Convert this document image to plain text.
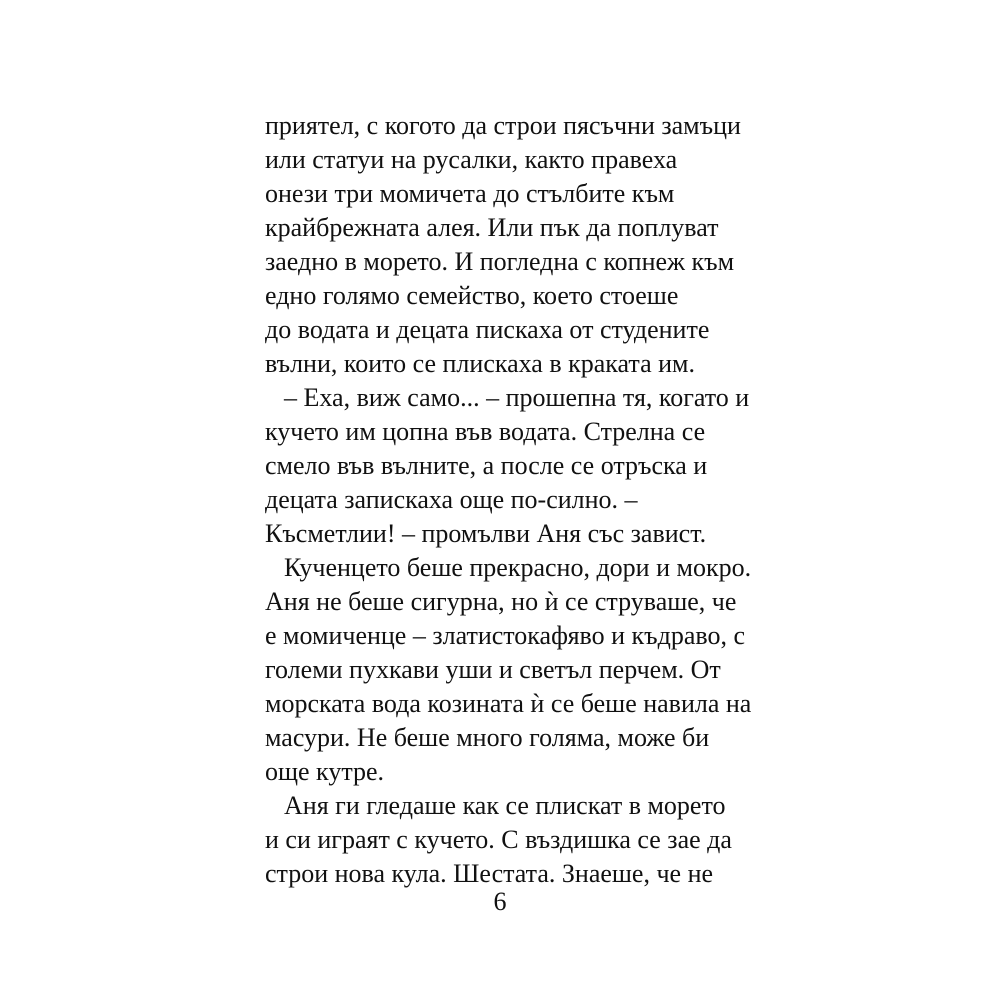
приятел, с когото да строи пясъчни замъци
или статуи на русалки, както правеха
онези три момичета до стълбите към
крайбрежната алея. Или пък да поплуват
заедно в морето. И погледна с копнеж към
едно голямо семейство, което стоеше
до водата и децата пискаха от студените
вълни, които се плискаха в краката им.
– Еха, виж само... – прошепна тя, когато и
кучето им цопна във водата. Стрелна се
смело във вълните, а после се отръска и
децата запискаха още по-силно. –
Късметлии! – промълви Аня със завист.
Кученцето беше прекрасно, дори и мокро.
Аня не беше сигурна, но ѝ се струваше, че
е момиченце – златистокафяво и къдраво, с
големи пухкави уши и светъл перчем. От
морската вода козината ѝ се беше навила на
масури. Не беше много голяма, може би
още кутре.
Аня ги гледаше как се плискат в морето
и си играят с кучето. С въздишка се зае да
строи нова кула. Шестата. Знаеше, че не
6
